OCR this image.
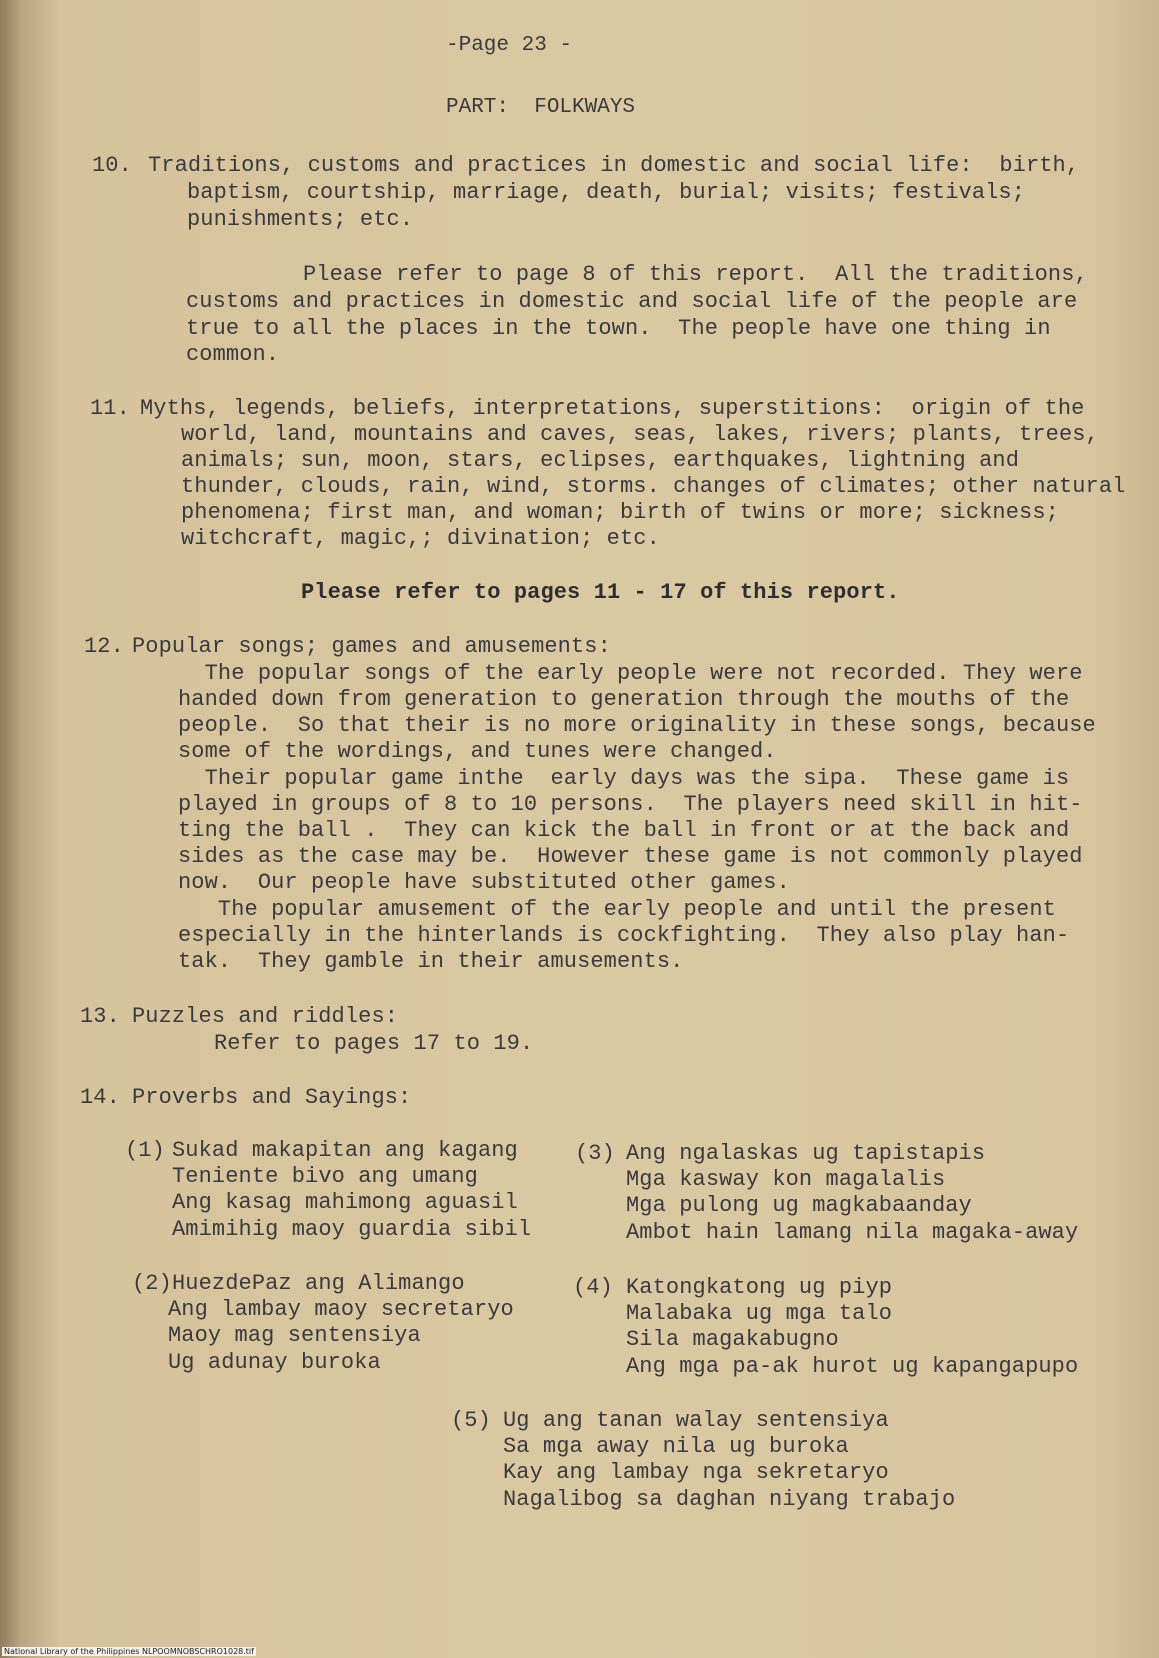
-Page 23 -
PART:  FOLKWAYS
10. Traditions, customs and practices in domestic and social life:  birth,
baptism, courtship, marriage, death, burial; visits; festivals;
punishments; etc.
Please refer to page 8 of this report.  All the traditions,
customs and practices in domestic and social life of the people are
true to all the places in the town.  The people have one thing in
common.
11. Myths, legends, beliefs, interpretations, superstitions:  origin of the
world, land, mountains and caves, seas, lakes, rivers; plants, trees,
animals; sun, moon, stars, eclipses, earthquakes, lightning and
thunder, clouds, rain, wind, storms. changes of climates; other natural
phenomena; first man, and woman; birth of twins or more; sickness;
witchcraft, magic,; divination; etc.
Please refer to pages 11 - 17 of this report.
12. Popular songs; games and amusements:
The popular songs of the early people were not recorded. They were
handed down from generation to generation through the mouths of the
people.  So that their is no more originality in these songs, because
some of the wordings, and tunes were changed.
Their popular game inthe  early days was the sipa.  These game is
played in groups of 8 to 10 persons.  The players need skill in hit-
ting the ball .  They can kick the ball in front or at the back and
sides as the case may be.  However these game is not commonly played
now.  Our people have substituted other games.
The popular amusement of the early people and until the present
especially in the hinterlands is cockfighting.  They also play han-
tak.  They gamble in their amusements.
13. Puzzles and riddles:
Refer to pages 17 to 19.
14. Proverbs and Sayings:
(1) Sukad makapitan ang kagang
Teniente bivo ang umang
Ang kasag mahimong aguasil
Amimihig maoy guardia sibil
(2) HuezdePaz ang Alimango
Ang lambay maoy secretaryo
Maoy mag sentensiya
Ug adunay buroka
(3) Ang ngalaskas ug tapistapis
Mga kasway kon magalalis
Mga pulong ug magkabaanday
Ambot hain lamang nila magaka-away
(4) Katongkatong ug piyp
Malabaka ug mga talo
Sila magakabugno
Ang mga pa-ak hurot ug kapangapupo
(5) Ug ang tanan walay sentensiya
Sa mga away nila ug buroka
Kay ang lambay nga sekretaryo
Nagalibog sa daghan niyang trabajo
National Library of the Philippines NLPOOMNOBSCHRO1028.tif
